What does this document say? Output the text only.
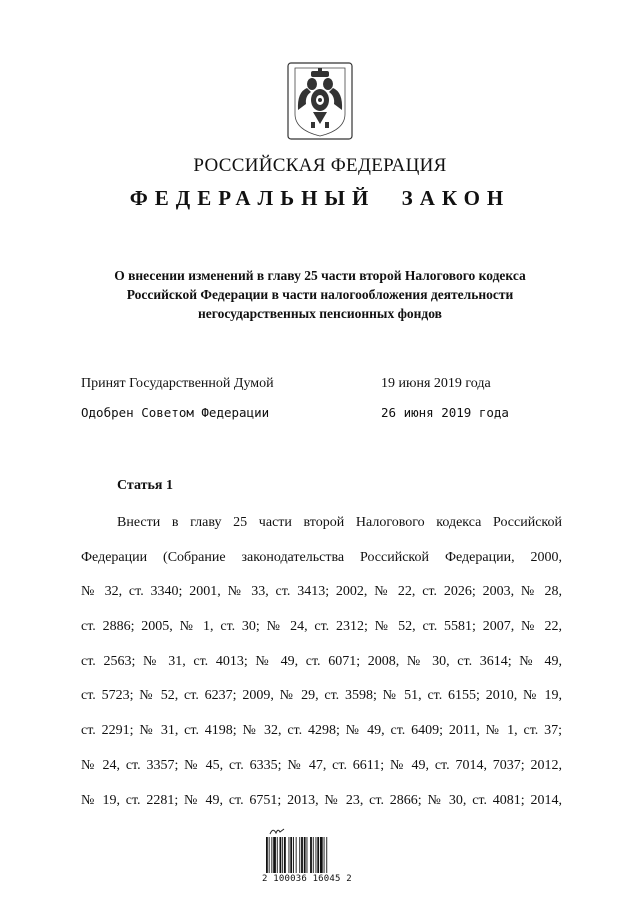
РОССИЙСКАЯ ФЕДЕРАЦИЯ
ФЕДЕРАЛЬНЫЙ ЗАКОН
О внесении изменений в главу 25 части второй Налогового кодекса
Российской Федерации в части налогообложения деятельности
негосударственных пенсионных фондов
Принят Государственной Думой	19 июня 2019 года
Одобрен Советом Федерации	26 июня 2019 года
Статья 1
Внести в главу 25 части второй Налогового кодекса Российской
Федерации (Собрание законодательства Российской Федерации, 2000,
№ 32, ст. 3340; 2001, № 33, ст. 3413; 2002, № 22, ст. 2026; 2003, № 28,
ст. 2886; 2005, № 1, ст. 30; № 24, ст. 2312; № 52, ст. 5581; 2007, № 22,
ст. 2563; № 31, ст. 4013; № 49, ст. 6071; 2008, № 30, ст. 3614; № 49,
ст. 5723; № 52, ст. 6237; 2009, № 29, ст. 3598; № 51, ст. 6155; 2010, № 19,
ст. 2291; № 31, ст. 4198; № 32, ст. 4298; № 49, ст. 6409; 2011, № 1, ст. 37;
№ 24, ст. 3357; № 45, ст. 6335; № 47, ст. 6611; № 49, ст. 7014, 7037; 2012,
№ 19, ст. 2281; № 49, ст. 6751; 2013, № 23, ст. 2866; № 30, ст. 4081; 2014,
2 100036 16045 2
